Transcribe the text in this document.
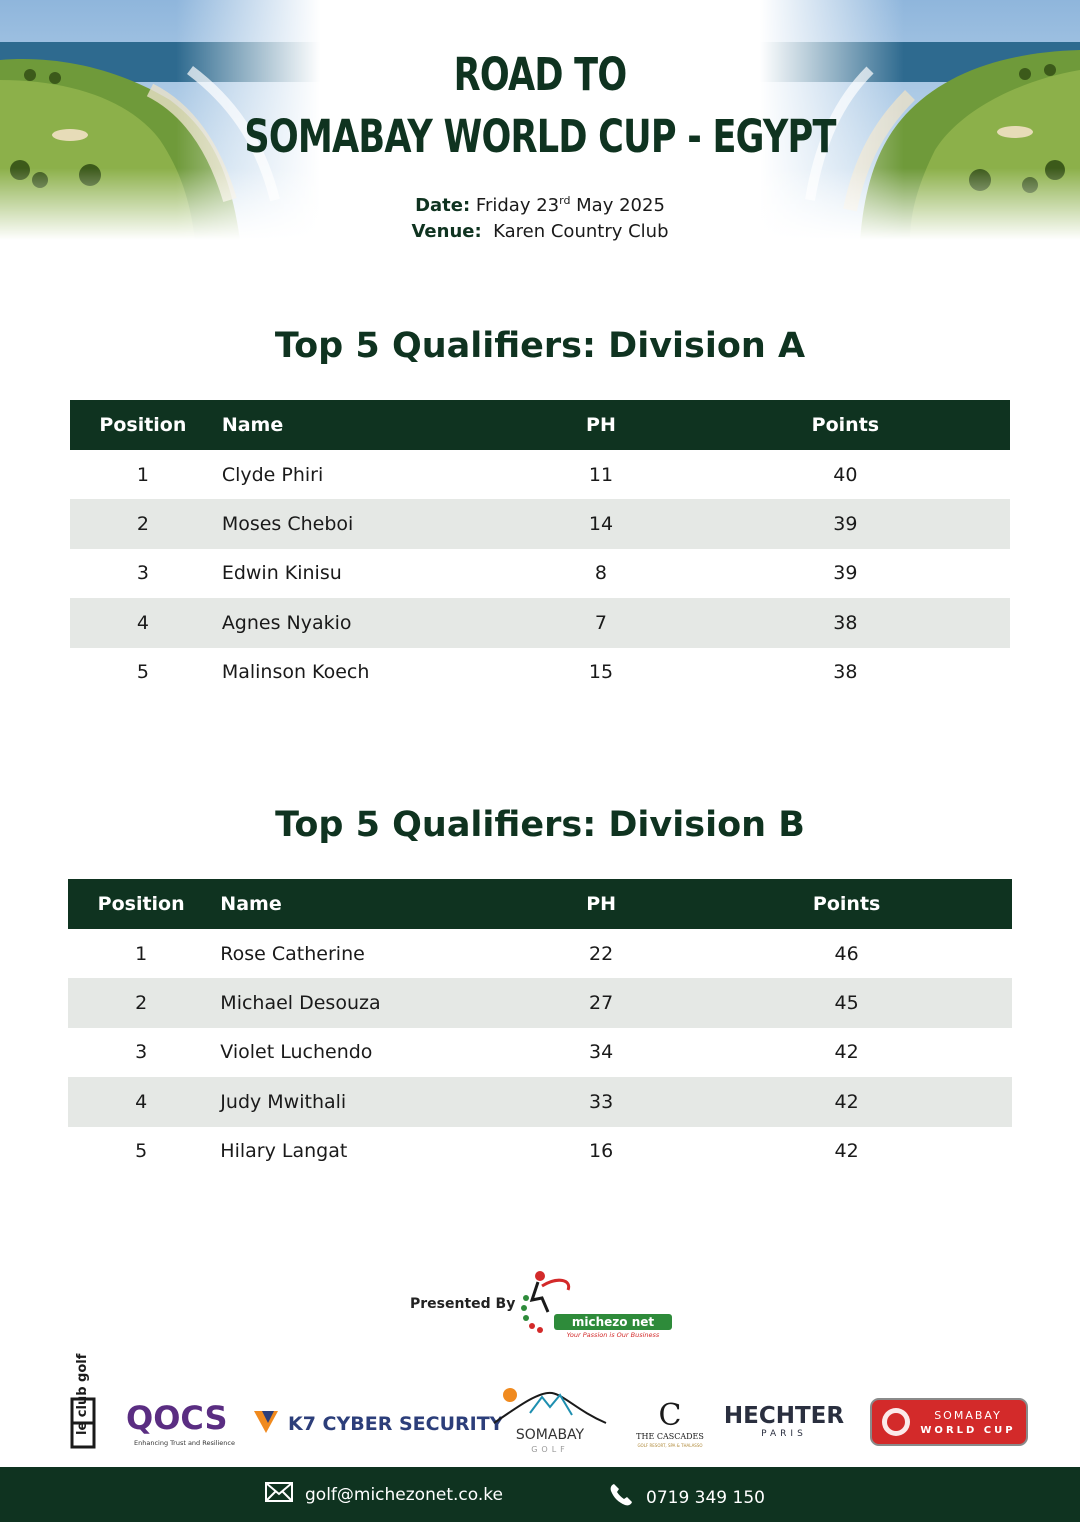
ROAD TO
SOMABAY WORLD CUP - EGYPT
Date: Friday 23rd May 2025
Venue: Karen Country Club
Top 5 Qualifiers: Division A
Position	Name	PH	Points
1	Clyde Phiri	11	40
2	Moses Cheboi	14	39
3	Edwin Kinisu	8	39
4	Agnes Nyakio	7	38
5	Malinson Koech	15	38
Top 5 Qualifiers: Division B
Position	Name	PH	Points
1	Rose Catherine	22	46
2	Michael Desouza	27	45
3	Violet Luchendo	34	42
4	Judy Mwithali	33	42
5	Hilary Langat	16	42
Presented By
michezo net
Your Passion is Our Business
le club golf QOCS
Enhancing Trust and Resilience
K7 CYBER SECURITY SOMABAY
GOLF
C
THE CASCADES
GOLF RESORT, SPA & THALASSO
HECHTER
PARIS
SOMABAY
WORLD CUP
golf@michezonet.co.ke	0719 349 150
